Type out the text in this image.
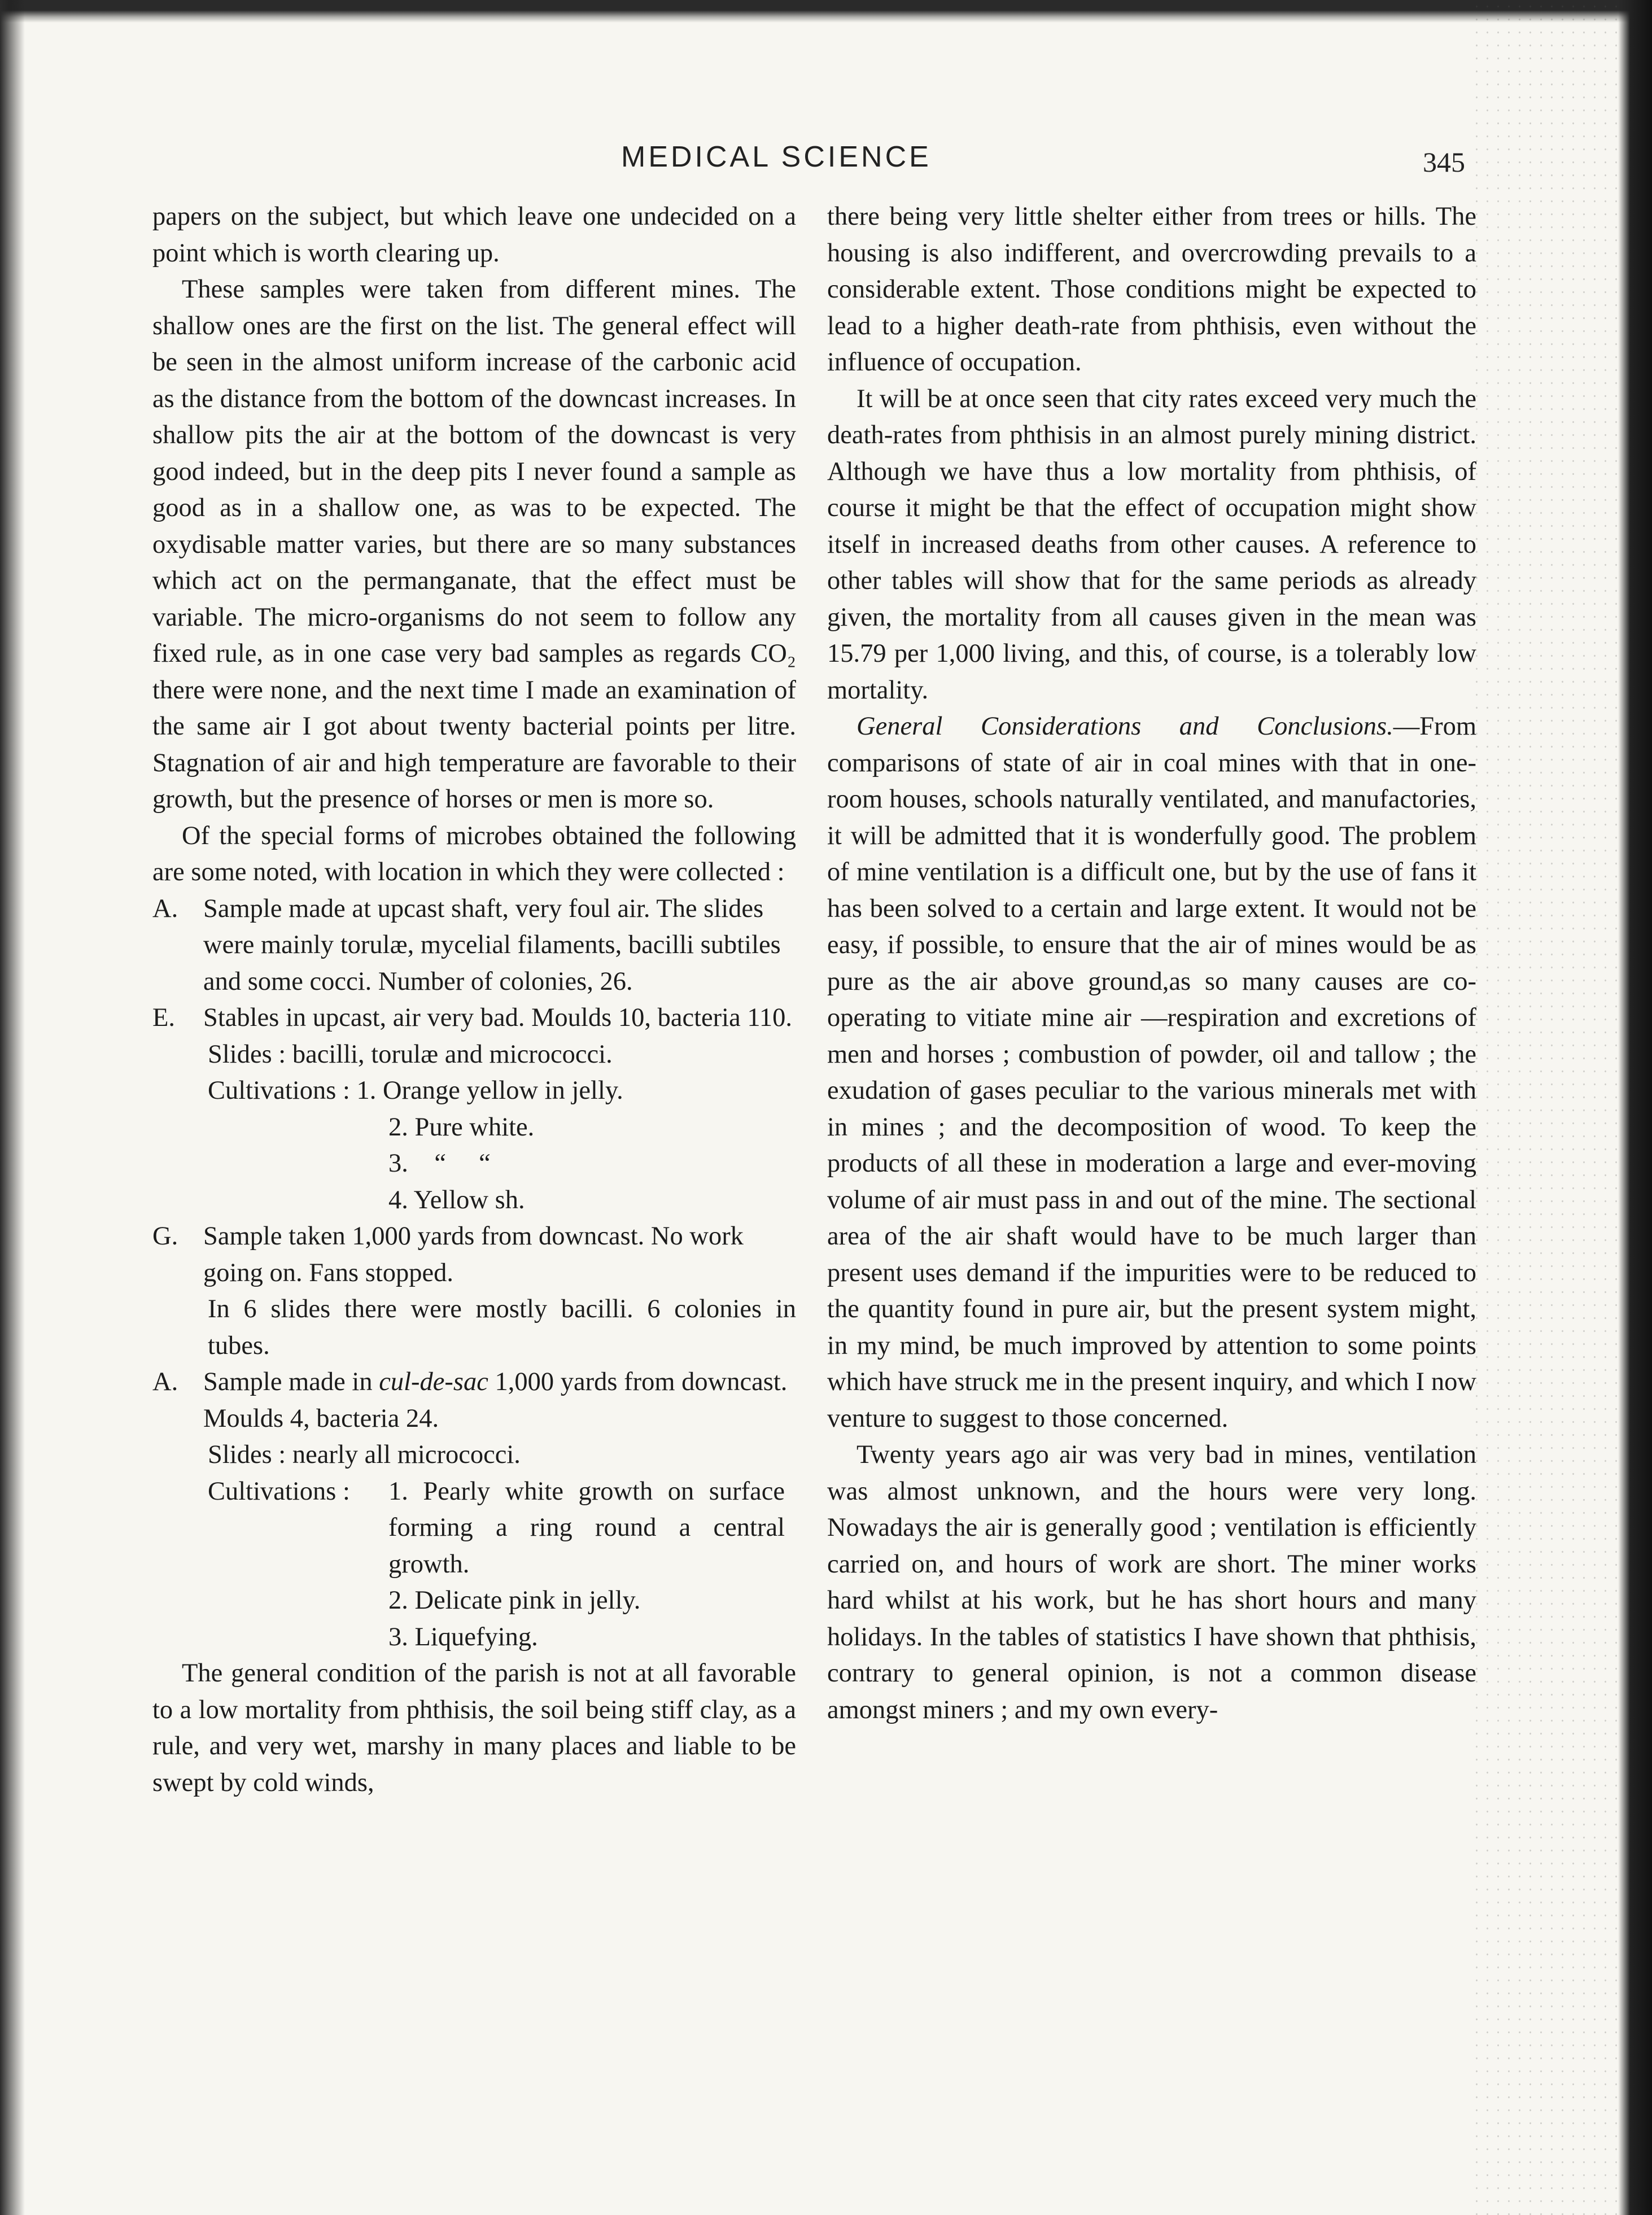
MEDICAL SCIENCE	345

papers on the subject, but which leave one undecided on a point which is worth clearing up.

These samples were taken from different mines. The shallow ones are the first on the list. The general effect will be seen in the almost uniform increase of the carbonic acid as the distance from the bottom of the downcast increases. In shallow pits the air at the bottom of the downcast is very good indeed, but in the deep pits I never found a sample as good as in a shallow one, as was to be expected. The oxydisable matter varies, but there are so many substances which act on the permanganate, that the effect must be variable. The micro-organisms do not seem to follow any fixed rule, as in one case very bad samples as regards CO₂ there were none, and the next time I made an examination of the same air I got about twenty bacterial points per litre. Stagnation of air and high temperature are favorable to their growth, but the presence of horses or men is more so.

Of the special forms of microbes obtained the following are some noted, with location in which they were collected :

A. Sample made at upcast shaft, very foul air. The slides were mainly torulæ, mycelial filaments, bacilli subtiles and some cocci. Number of colonies, 26.

E. Stables in upcast, air very bad. Moulds 10, bacteria 110.

Slides : bacilli, torulæ and micrococci.

Cultivations : 1. Orange yellow in jelly.

2. Pure white.

3.    “     “

4. Yellow sh.

G. Sample taken 1,000 yards from downcast. No work going on. Fans stopped.

In 6 slides there were mostly bacilli. 6 colonies in tubes.

A. Sample made in cul-de-sac 1,000 yards from downcast. Moulds 4, bacteria 24.

Slides : nearly all micrococci.

Cultivations :	1. Pearly white growth on surface forming a ring round a central growth.

2. Delicate pink in jelly.

3. Liquefying.

The general condition of the parish is not at all favorable to a low mortality from phthisis, the soil being stiff clay, as a rule, and very wet, marshy in many places and liable to be swept by cold winds,

there being very little shelter either from trees or hills. The housing is also indifferent, and overcrowding prevails to a considerable extent. Those conditions might be expected to lead to a higher death-rate from phthisis, even without the influence of occupation.

It will be at once seen that city rates exceed very much the death-rates from phthisis in an almost purely mining district. Although we have thus a low mortality from phthisis, of course it might be that the effect of occupation might show itself in increased deaths from other causes. A reference to other tables will show that for the same periods as already given, the mortality from all causes given in the mean was 15.79 per 1,000 living, and this, of course, is a tolerably low mortality.

General Considerations and Conclusions.—From comparisons of state of air in coal mines with that in one-room houses, schools naturally ventilated, and manufactories, it will be admitted that it is wonderfully good. The problem of mine ventilation is a difficult one, but by the use of fans it has been solved to a certain and large extent. It would not be easy, if possible, to ensure that the air of mines would be as pure as the air above ground,as so many causes are co-operating to vitiate mine air —respiration and excretions of men and horses ; combustion of powder, oil and tallow ; the exudation of gases peculiar to the various minerals met with in mines ; and the decomposition of wood. To keep the products of all these in moderation a large and ever-moving volume of air must pass in and out of the mine. The sectional area of the air shaft would have to be much larger than present uses demand if the impurities were to be reduced to the quantity found in pure air, but the present system might, in my mind, be much improved by attention to some points which have struck me in the present inquiry, and which I now venture to suggest to those concerned.

Twenty years ago air was very bad in mines, ventilation was almost unknown, and the hours were very long. Nowadays the air is generally good ; ventilation is efficiently carried on, and hours of work are short. The miner works hard whilst at his work, but he has short hours and many holidays. In the tables of statistics I have shown that phthisis, contrary to general opinion, is not a common disease amongst miners ; and my own every-
